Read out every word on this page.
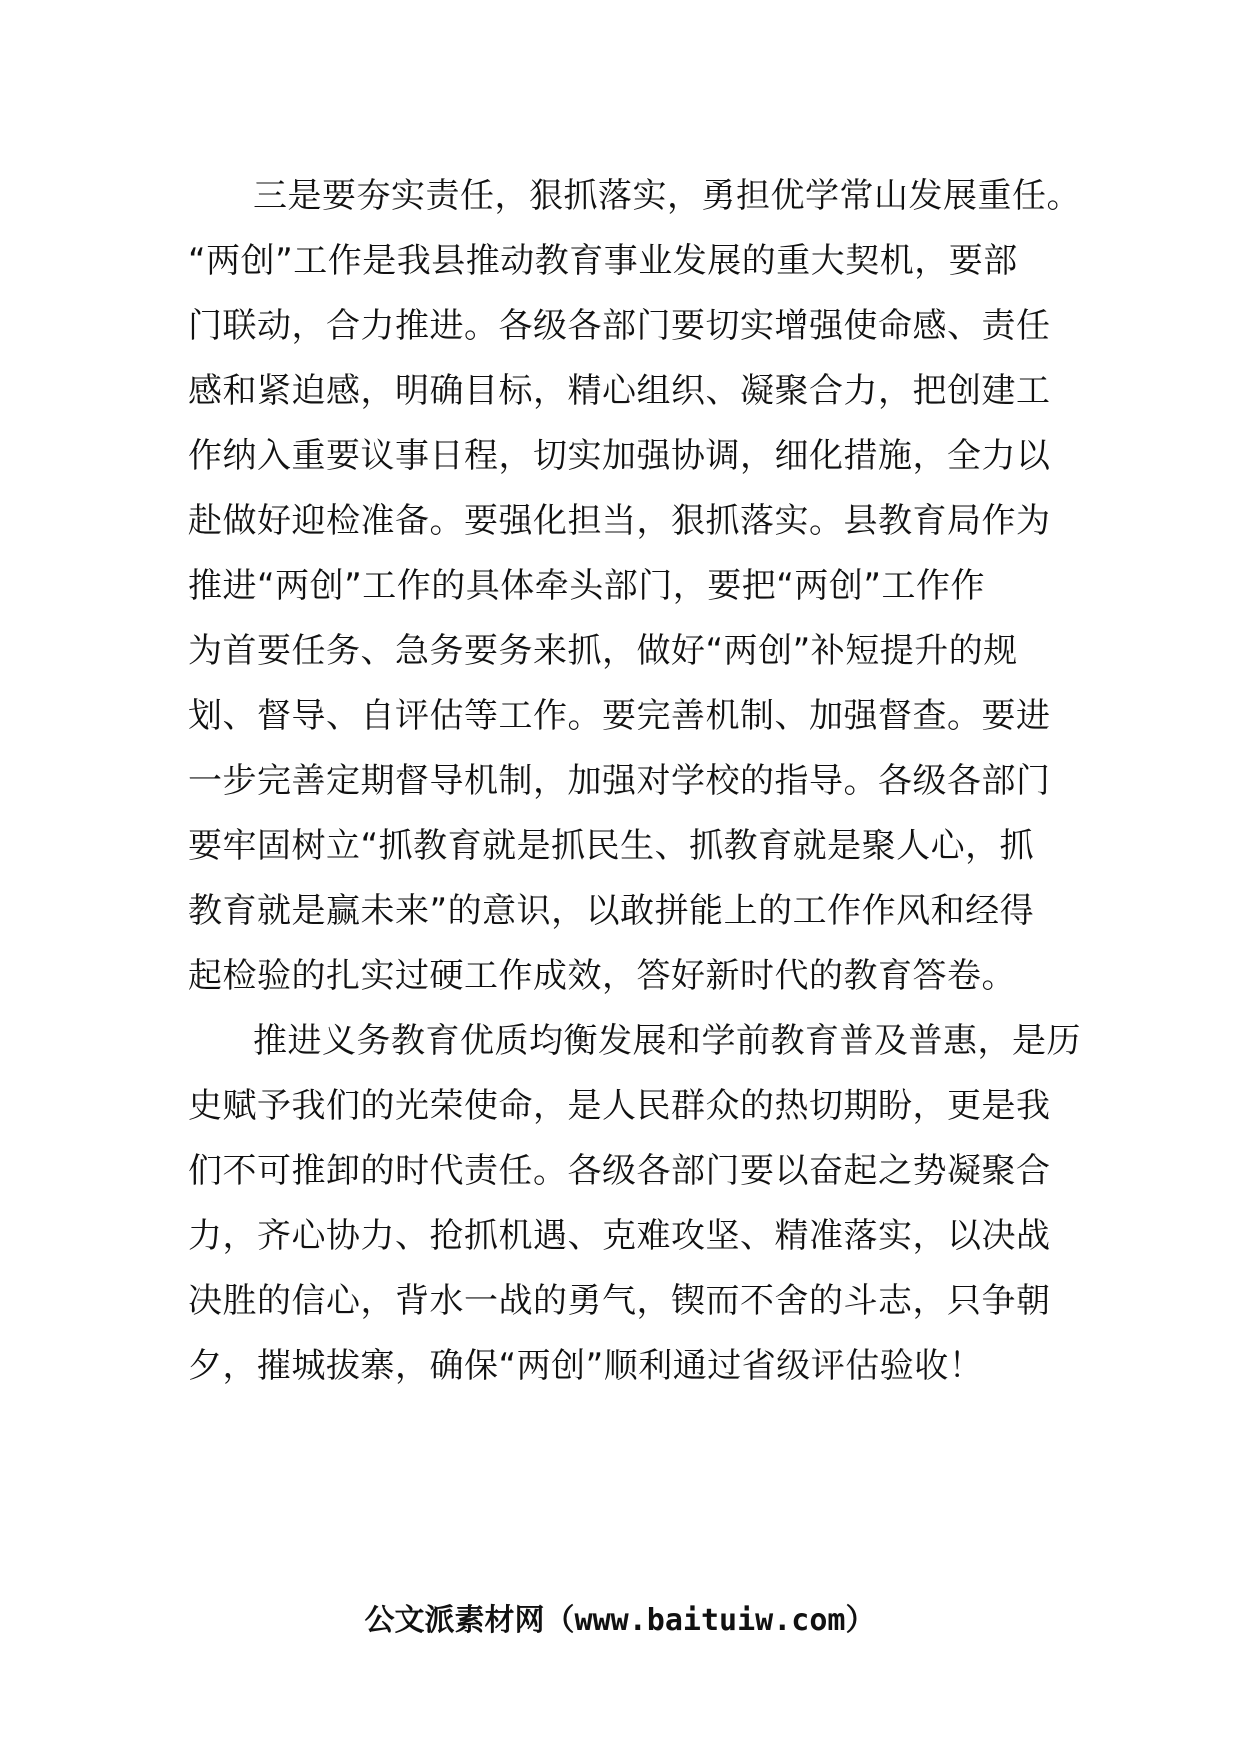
三是要夯实责任，狠抓落实，勇担优学常山发展重任。
“两创”工作是我县推动教育事业发展的重大契机，要部
门联动，合力推进。各级各部门要切实增强使命感、责任
感和紧迫感，明确目标，精心组织、凝聚合力，把创建工
作纳入重要议事日程，切实加强协调，细化措施，全力以
赴做好迎检准备。要强化担当，狠抓落实。县教育局作为
推进“两创”工作的具体牵头部门，要把“两创”工作作
为首要任务、急务要务来抓，做好“两创”补短提升的规
划、督导、自评估等工作。要完善机制、加强督查。要进
一步完善定期督导机制，加强对学校的指导。各级各部门
要牢固树立“抓教育就是抓民生、抓教育就是聚人心，抓
教育就是赢未来”的意识，以敢拼能上的工作作风和经得
起检验的扎实过硬工作成效，答好新时代的教育答卷。
推进义务教育优质均衡发展和学前教育普及普惠，是历
史赋予我们的光荣使命，是人民群众的热切期盼，更是我
们不可推卸的时代责任。各级各部门要以奋起之势凝聚合
力，齐心协力、抢抓机遇、克难攻坚、精准落实，以决战
决胜的信心，背水一战的勇气，锲而不舍的斗志，只争朝
夕，摧城拔寨，确保“两创”顺利通过省级评估验收！
公文派素材网（www.baituiw.com）
